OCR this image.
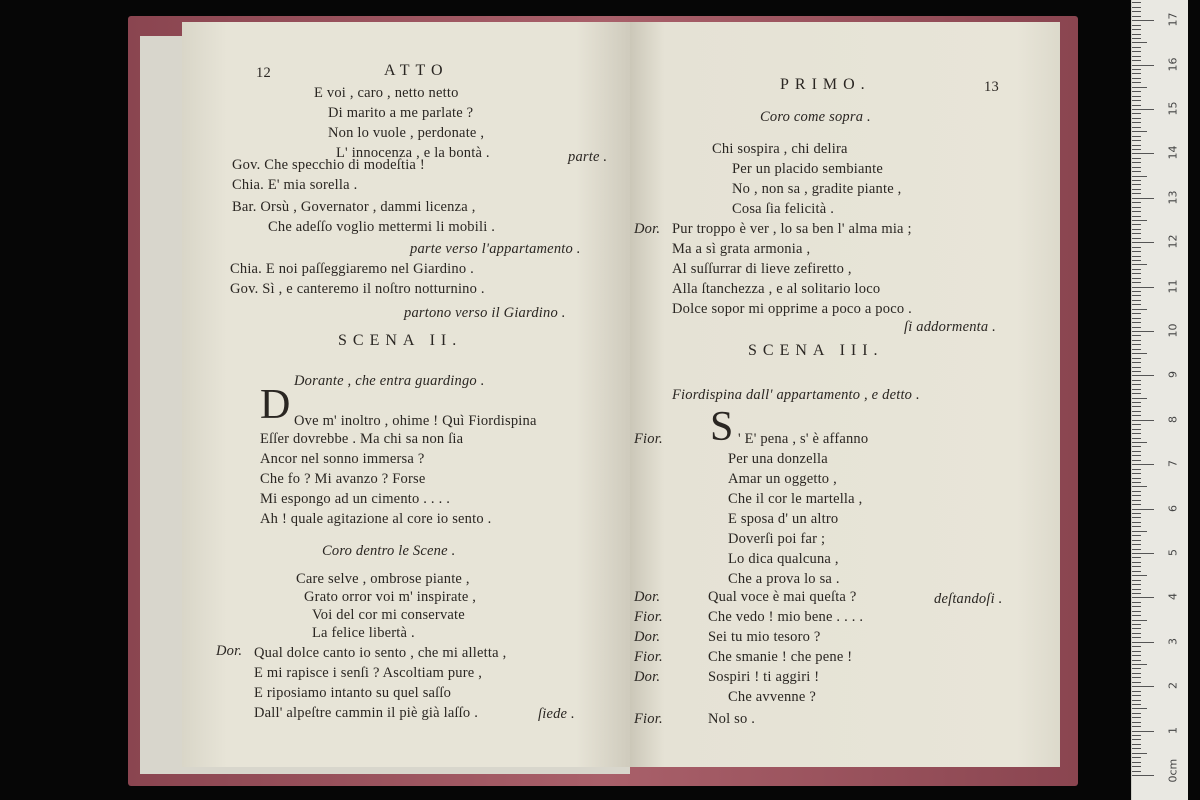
12	ATTO
E voi , caro , netto netto
Di marito a me parlate ?
Non lo vuole , perdonate ,
L' innocenza , e la bontà .	parte .
Gov. Che specchio di modeſtia !
Chia. E' mia sorella .
Bar. Orsù , Governator , dammi licenza ,
Che adeſſo voglio mettermi li mobili .
parte verso l'appartamento .
Chia. E noi paſſeggiaremo nel Giardino .
Gov. Sì , e canteremo il noſtro notturnino .
partono verso il Giardino .
SCENA II.
Dorante , che entra guardingo .
D Ove m' inoltro , ohime ! Quì Fiordispina
Eſſer dovrebbe . Ma chi sa non ſia
Ancor nel sonno immersa ?
Che fo ? Mi avanzo ? Forse
Mi espongo ad un cimento . . . .
Ah ! quale agitazione al core io sento .
Coro dentro le Scene .
Care selve , ombrose piante ,
Grato orror voi m' inspirate ,
Voi del cor mi conservate
La felice libertà .
Dor. Qual dolce canto io sento , che mi alletta ,
E mi rapisce i senſi ? Ascoltiam pure ,
E riposiamo intanto su quel saſſo
Dall' alpeſtre cammin il piè già laſſo .
PRIMO.	13
Coro come sopra .
Chi sospira , chi delira
Per un placido sembiante
No , non sa , gradite piante ,
Cosa ſia felicità .
Dor. Pur troppo è ver , lo sa ben l' alma mia ;
Ma a sì grata armonia ,
Al suſſurrar di lieve zefiretto ,
Alla ſtanchezza , e al solitario loco
Dolce sopor mi opprime a poco a poco .
ſi addormenta .
SCENA III.
Fiordispina dall' appartamento , e detto .
Fior. S ' E' pena , s' è affanno
Per una donzella
Amar un oggetto ,
Che il cor le martella ,
E sposa d' un altro
Doverſi poi far ;
Lo dica qualcuna ,
Che a prova lo sa .
Dor.	Qual voce è mai queſta ?	deſtandoſi .
Fior.	Che vedo ! mio bene . . . .
Dor.	Sei tu mio tesoro ?
Fior.	Che smanie ! che pene !
Dor.	Sospiri ! ti aggiri !
Che avvenne ?
Fior.	Nol so .
ſiede .
0cm
1
2
3
4
5
6
7
8
9
10
11
12
13
14
15
16
17
